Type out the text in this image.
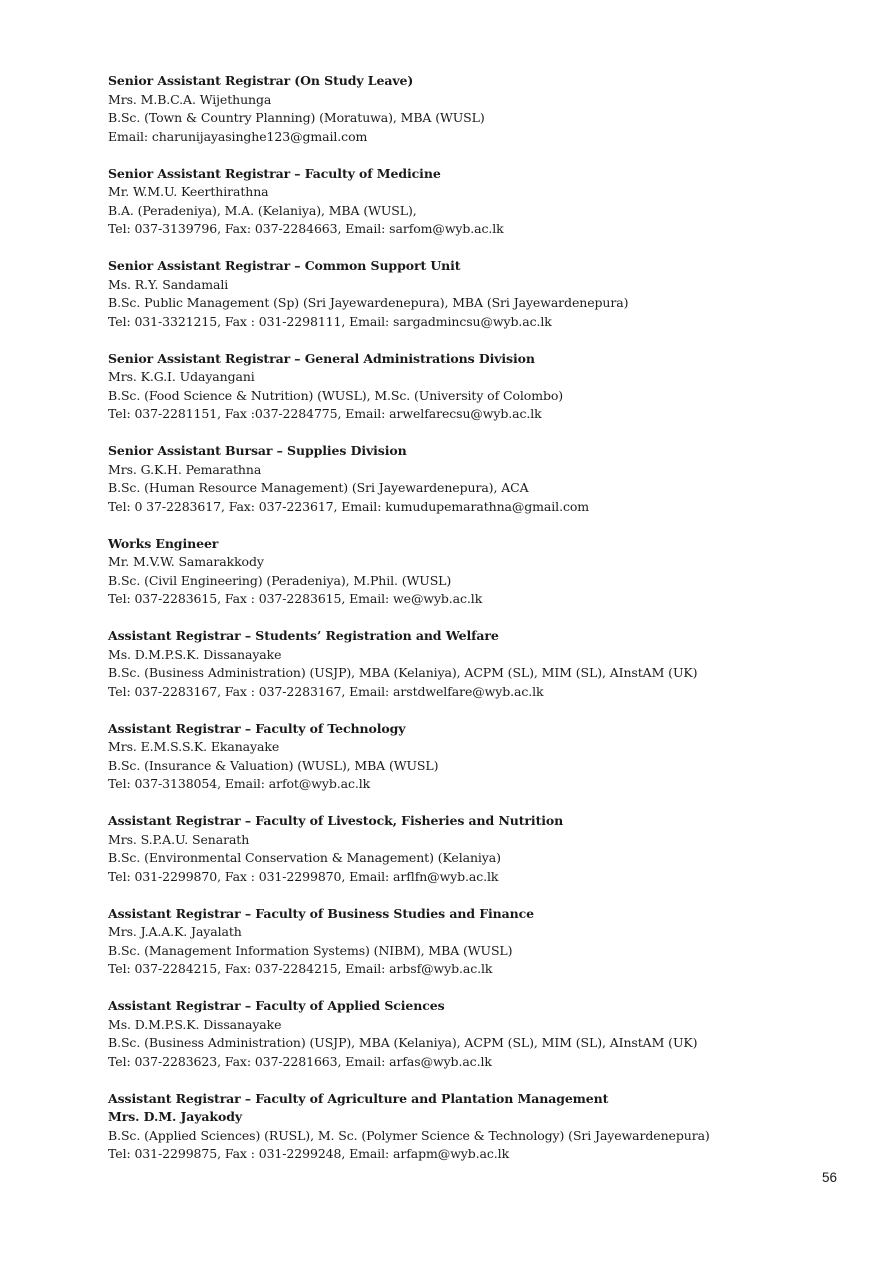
Senior Assistant Registrar (On Study Leave)
Mrs. M.B.C.A. Wijethunga
B.Sc. (Town & Country Planning) (Moratuwa), MBA (WUSL)
Email: charunijayasinghe123@gmail.com
Senior Assistant Registrar – Faculty of Medicine
Mr. W.M.U. Keerthirathna
B.A. (Peradeniya), M.A. (Kelaniya), MBA (WUSL),
Tel: 037-3139796, Fax: 037-2284663, Email: sarfom@wyb.ac.lk
Senior Assistant Registrar – Common Support Unit
Ms. R.Y. Sandamali
B.Sc. Public Management (Sp) (Sri Jayewardenepura), MBA (Sri Jayewardenepura)
Tel: 031-3321215, Fax : 031-2298111, Email: sargadmincsu@wyb.ac.lk
Senior Assistant Registrar – General Administrations Division
Mrs. K.G.I. Udayangani
B.Sc. (Food Science & Nutrition) (WUSL), M.Sc. (University of Colombo)
Tel: 037-2281151, Fax :037-2284775, Email: arwelfarecsu@wyb.ac.lk
Senior Assistant Bursar – Supplies Division
Mrs. G.K.H. Pemarathna
B.Sc. (Human Resource Management) (Sri Jayewardenepura), ACA
Tel: 0 37-2283617, Fax: 037-223617, Email: kumudupemarathna@gmail.com
Works Engineer
Mr. M.V.W. Samarakkody
B.Sc. (Civil Engineering) (Peradeniya), M.Phil. (WUSL)
Tel: 037-2283615, Fax : 037-2283615, Email: we@wyb.ac.lk
Assistant Registrar – Students’ Registration and Welfare
Ms. D.M.P.S.K. Dissanayake
B.Sc. (Business Administration) (USJP), MBA (Kelaniya), ACPM (SL), MIM (SL), AInstAM (UK)
Tel: 037-2283167, Fax : 037-2283167, Email: arstdwelfare@wyb.ac.lk
Assistant Registrar – Faculty of Technology
Mrs. E.M.S.S.K. Ekanayake
B.Sc. (Insurance & Valuation) (WUSL), MBA (WUSL)
Tel: 037-3138054, Email: arfot@wyb.ac.lk
Assistant Registrar – Faculty of Livestock, Fisheries and Nutrition
Mrs. S.P.A.U. Senarath
B.Sc. (Environmental Conservation & Management) (Kelaniya)
Tel: 031-2299870, Fax : 031-2299870, Email: arflfn@wyb.ac.lk
Assistant Registrar – Faculty of Business Studies and Finance
Mrs. J.A.A.K. Jayalath
B.Sc. (Management Information Systems) (NIBM), MBA (WUSL)
Tel: 037-2284215, Fax: 037-2284215, Email: arbsf@wyb.ac.lk
Assistant Registrar – Faculty of Applied Sciences
Ms. D.M.P.S.K. Dissanayake
B.Sc. (Business Administration) (USJP), MBA (Kelaniya), ACPM (SL), MIM (SL), AInstAM (UK)
Tel: 037-2283623, Fax: 037-2281663, Email: arfas@wyb.ac.lk
Assistant Registrar – Faculty of Agriculture and Plantation Management
Mrs. D.M. Jayakody
B.Sc. (Applied Sciences) (RUSL), M. Sc. (Polymer Science & Technology) (Sri Jayewardenepura)
Tel: 031-2299875, Fax : 031-2299248, Email: arfapm@wyb.ac.lk
56
